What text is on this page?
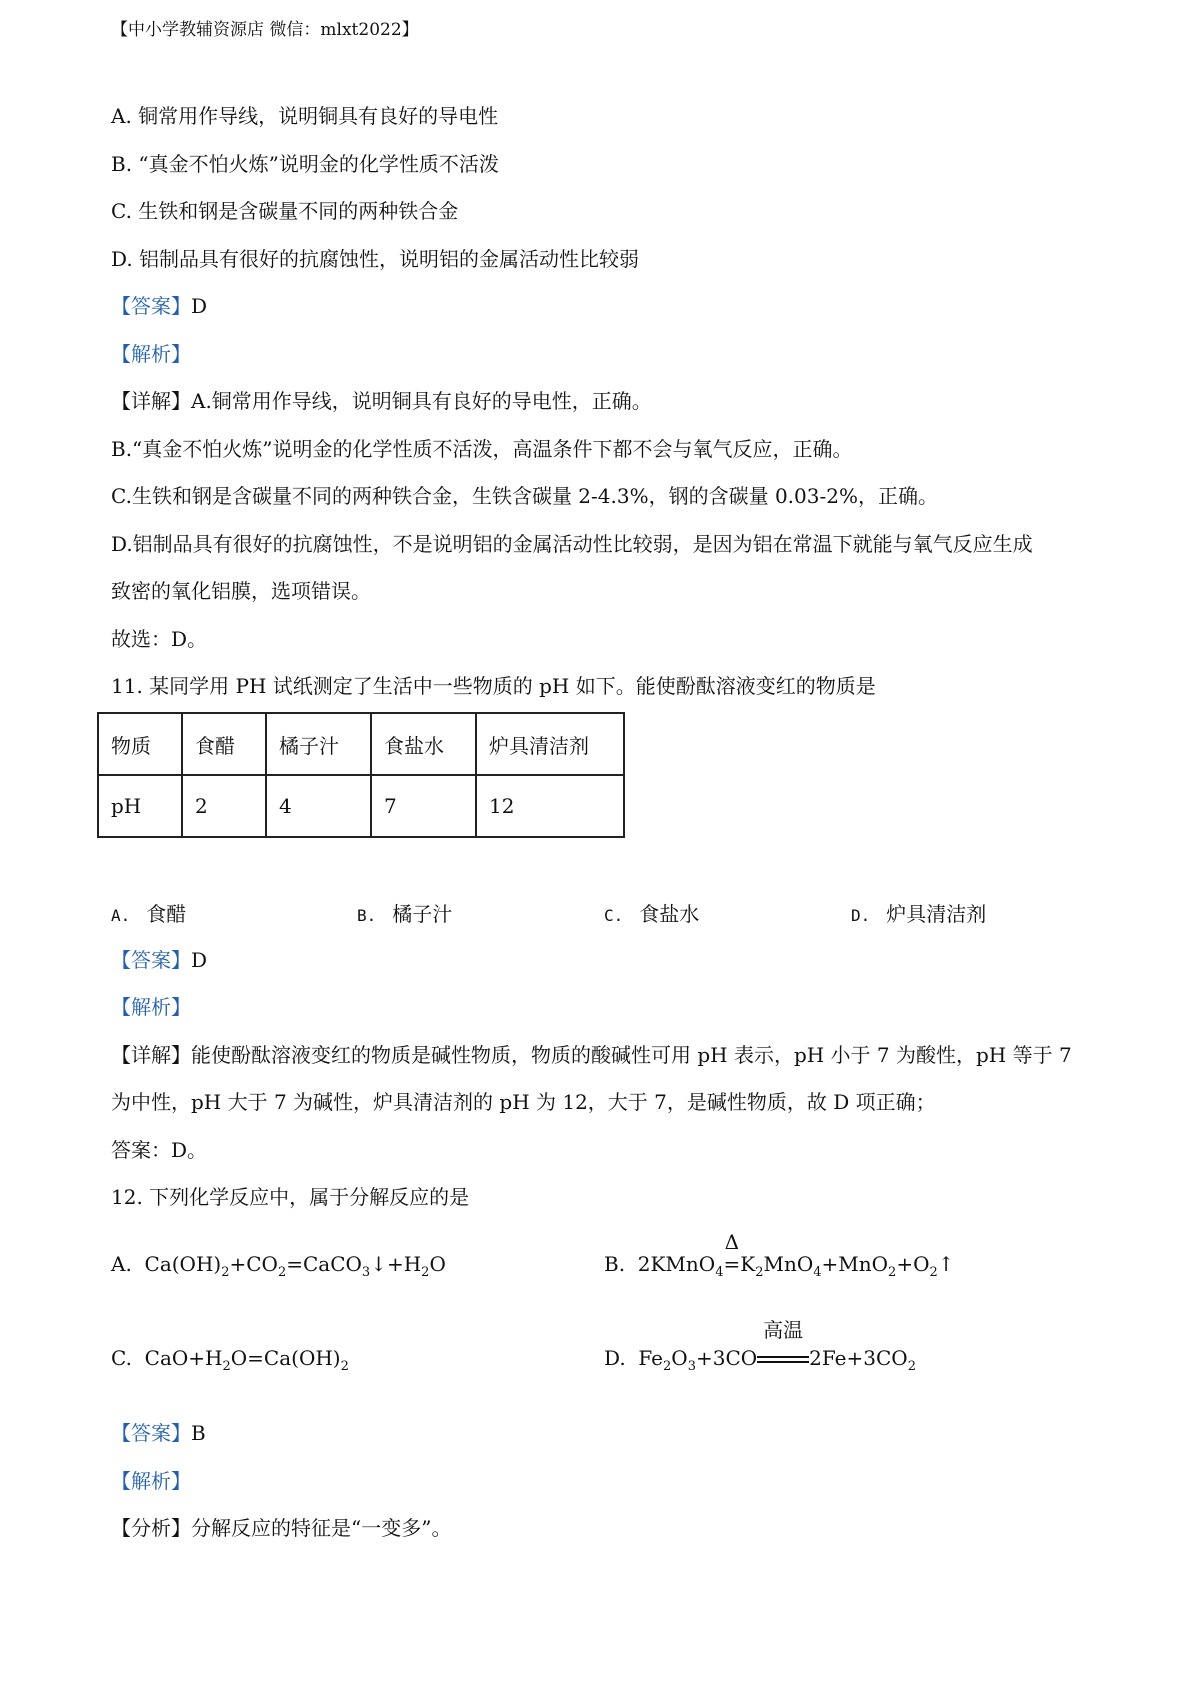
【中小学教辅资源店 微信：mlxt2022】
A. 铜常用作导线，说明铜具有良好的导电性
B. “真金不怕火炼”说明金的化学性质不活泼
C. 生铁和钢是含碳量不同的两种铁合金
D. 铝制品具有很好的抗腐蚀性，说明铝的金属活动性比较弱
【答案】D
【解析】
【详解】A.铜常用作导线，说明铜具有良好的导电性，正确。
B.“真金不怕火炼”说明金的化学性质不活泼，高温条件下都不会与氧气反应，正确。
C.生铁和钢是含碳量不同的两种铁合金，生铁含碳量 2-4.3%，钢的含碳量 0.03-2%，正确。
D.铝制品具有很好的抗腐蚀性，不是说明铝的金属活动性比较弱，是因为铝在常温下就能与氧气反应生成
致密的氧化铝膜，选项错误。
故选：D。
11. 某同学用 PH 试纸测定了生活中一些物质的 pH 如下。能使酚酞溶液变红的物质是
物质	食醋	橘子汁	食盐水	炉具清洁剂
pH	2	4	7	12
A. 食醋	B. 橘子汁	C. 食盐水	D. 炉具清洁剂
【答案】D
【解析】
【详解】能使酚酞溶液变红的物质是碱性物质，物质的酸碱性可用 pH 表示，pH 小于 7 为酸性，pH 等于 7
为中性，pH 大于 7 为碱性，炉具清洁剂的 pH 为 12，大于 7，是碱性物质，故 D 项正确；
答案：D。
12. 下列化学反应中，属于分解反应的是
A.  $Ca(OH)_2+CO_2=CaCO_3↓+H_2O$	B.  2KMnO$_4$
Δ
$=K_2MnO_4+MnO_2+O_2↑$
C.  $CaO+H_2O=Ca(OH)_2$	D.  $Fe_2O_3+3CO$
高温
$2Fe+3CO_2$
【答案】B
【解析】
【分析】分解反应的特征是“一变多”。
